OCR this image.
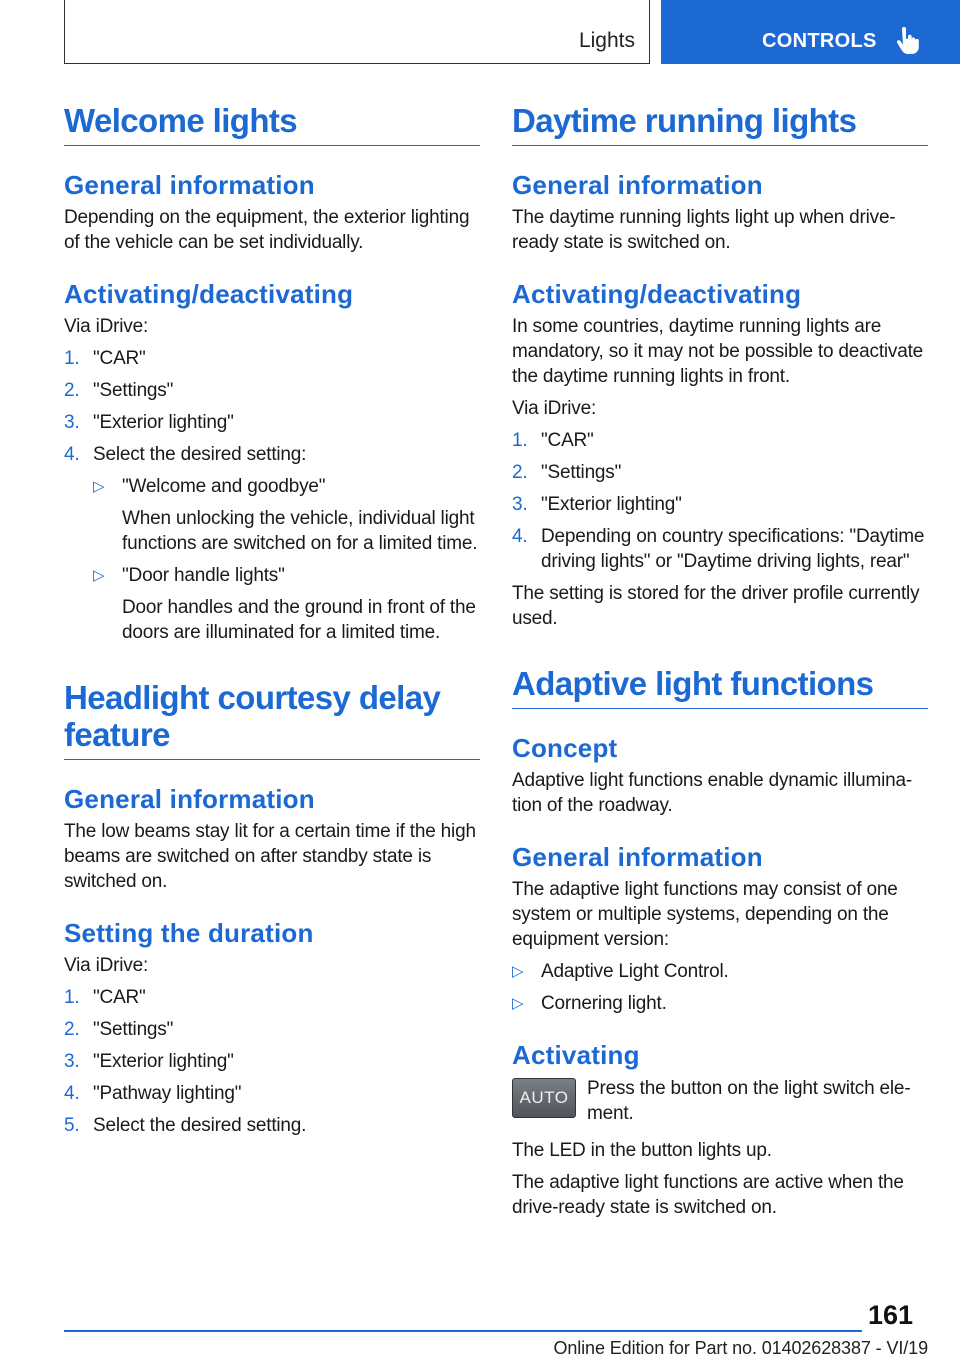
Lights	CONTROLS
Welcome lights
General information

Depending on the equipment, the exterior lighting of the vehicle can be set individually.

Activating/deactivating

Via iDrive:

1. "CAR"
2. "Settings"
3. "Exterior lighting"
4. Select the desired setting:
▷ "Welcome and goodbye"
When unlocking the vehicle, individual light functions are switched on for a limited time.
▷ "Door handle lights"
Door handles and the ground in front of the doors are illuminated for a limited time.
Headlight courtesy delay feature
General information

The low beams stay lit for a certain time if the high beams are switched on after standby state is switched on.

Setting the duration

Via iDrive:

1. "CAR"
2. "Settings"
3. "Exterior lighting"
4. "Pathway lighting"
5. Select the desired setting.
Daytime running lights
General information

The daytime running lights light up when drive-ready state is switched on.

Activating/deactivating

In some countries, daytime running lights are mandatory, so it may not be possible to deactivate the daytime running lights in front.

Via iDrive:

1. "CAR"
2. "Settings"
3. "Exterior lighting"
4. Depending on country specifications: "Daytime driving lights" or "Daytime driving lights, rear"

The setting is stored for the driver profile currently used.

Adaptive light functions
Concept

Adaptive light functions enable dynamic illumination of the roadway.

General information

The adaptive light functions may consist of one system or multiple systems, depending on the equipment version:

▷ Adaptive Light Control.
▷ Cornering light.
Activating
AUTO Press the button on the light switch element.

The LED in the button lights up.

The adaptive light functions are active when the drive-ready state is switched on.

161
Online Edition for Part no. 01402628387 - VI/19
